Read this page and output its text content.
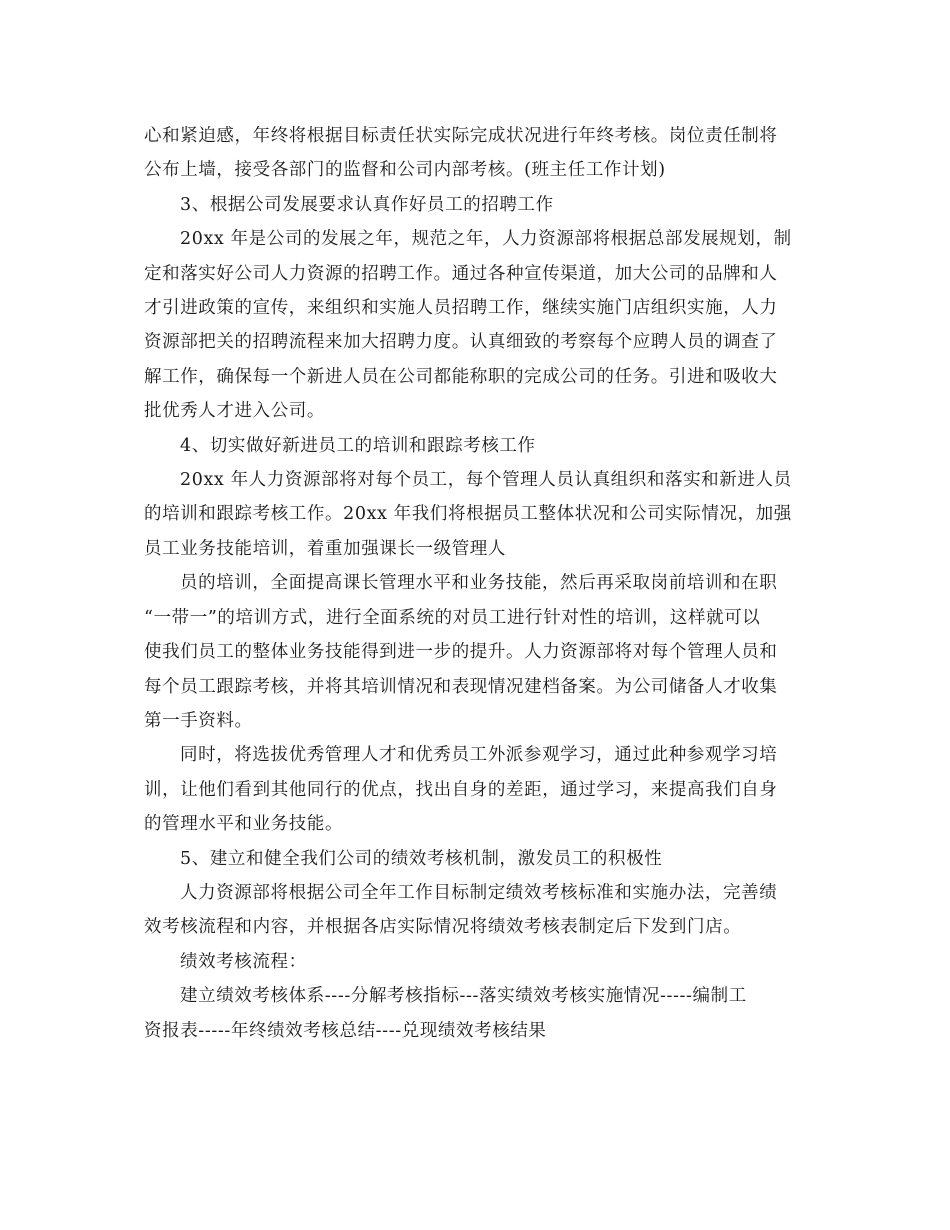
心和紧迫感，年终将根据目标责任状实际完成状况进行年终考核。岗位责任制将
公布上墙，接受各部门的监督和公司内部考核。(班主任工作计划)

3、根据公司发展要求认真作好员工的招聘工作

20xx 年是公司的发展之年，规范之年，人力资源部将根据总部发展规划，制
定和落实好公司人力资源的招聘工作。通过各种宣传渠道，加大公司的品牌和人
才引进政策的宣传，来组织和实施人员招聘工作，继续实施门店组织实施，人力
资源部把关的招聘流程来加大招聘力度。认真细致的考察每个应聘人员的调查了
解工作，确保每一个新进人员在公司都能称职的完成公司的任务。引进和吸收大
批优秀人才进入公司。

4、切实做好新进员工的培训和跟踪考核工作

20xx 年人力资源部将对每个员工，每个管理人员认真组织和落实和新进人员
的培训和跟踪考核工作。20xx 年我们将根据员工整体状况和公司实际情况，加强
员工业务技能培训，着重加强课长一级管理人

员的培训，全面提高课长管理水平和业务技能，然后再采取岗前培训和在职
“一带一”的培训方式，进行全面系统的对员工进行针对性的培训，这样就可以
使我们员工的整体业务技能得到进一步的提升。人力资源部将对每个管理人员和
每个员工跟踪考核，并将其培训情况和表现情况建档备案。为公司储备人才收集
第一手资料。

同时，将选拔优秀管理人才和优秀员工外派参观学习，通过此种参观学习培
训，让他们看到其他同行的优点，找出自身的差距，通过学习，来提高我们自身
的管理水平和业务技能。

5、建立和健全我们公司的绩效考核机制，激发员工的积极性

人力资源部将根据公司全年工作目标制定绩效考核标准和实施办法，完善绩
效考核流程和内容，并根据各店实际情况将绩效考核表制定后下发到门店。

绩效考核流程：

建立绩效考核体系----分解考核指标---落实绩效考核实施情况-----编制工
资报表-----年终绩效考核总结----兑现绩效考核结果
